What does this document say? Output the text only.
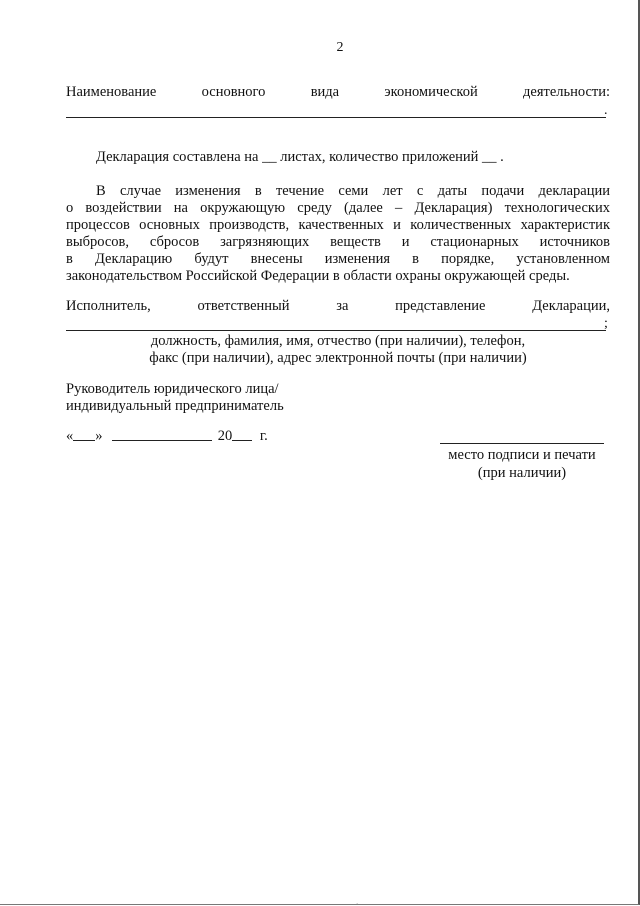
2
Наименование	основного	вида	экономической	деятельности:
.
Декларация составлена на __ листах, количество приложений __ .
В случае изменения в течение семи лет с даты подачи декларации
о воздействии на окружающую среду (далее – Декларация) технологических
процессов основных производств, качественных и количественных характеристик
выбросов, сбросов загрязняющих веществ и стационарных источников
в Декларацию будут внесены изменения в порядке, установленном
законодательством Российской Федерации в области охраны окружающей среды.
Исполнитель,	ответственный	за	представление	Декларации,
;
должность, фамилия, имя, отчество (при наличии), телефон,
факс (при наличии), адрес электронной почты (при наличии)
Руководитель юридического лица/
индивидуальный предприниматель
« »	20 г.
место подписи и печати
(при наличии)
ˎ
